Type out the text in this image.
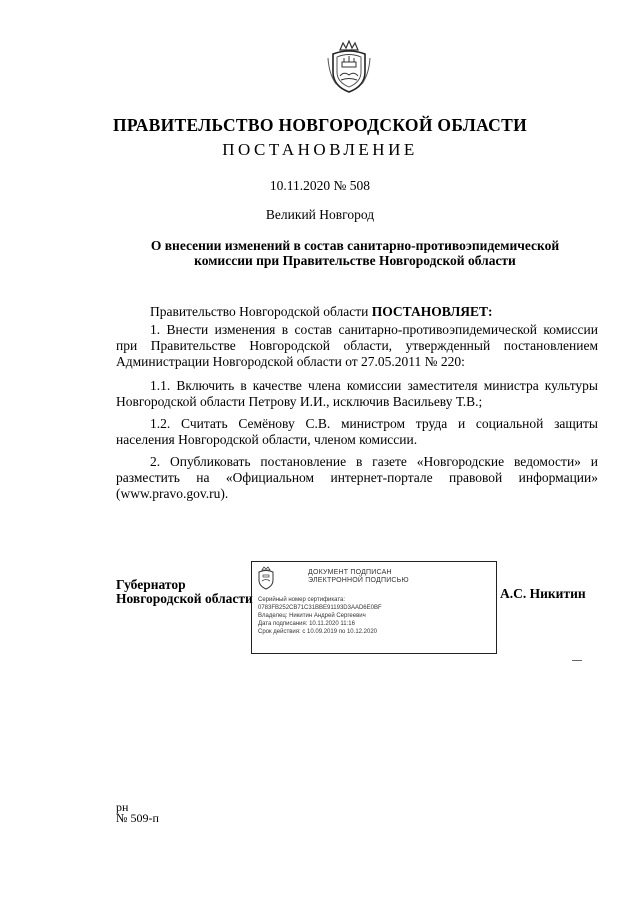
ПРАВИТЕЛЬСТВО НОВГОРОДСКОЙ ОБЛАСТИ
ПОСТАНОВЛЕНИЕ
10.11.2020 № 508
Великий Новгород
О внесении изменений в состав санитарно-противоэпидемической
комиссии при Правительстве Новгородской области
Правительство Новгородской области ПОСТАНОВЛЯЕТ:
1. Внести изменения в состав санитарно-противоэпидемической комиссии при Правительстве Новгородской области, утвержденный постановлением Администрации Новгородской области от 27.05.2011 № 220:
1.1. Включить в качестве члена комиссии заместителя министра культуры Новгородской области Петрову И.И., исключив Васильеву Т.В.;
1.2. Считать Семёнову С.В. министром труда и социальной защиты населения Новгородской области, членом комиссии.
2. Опубликовать постановление в газете «Новгородские ведомости» и разместить на «Официальном интернет-портале правовой информации» (www.pravo.gov.ru).
Губернатор
Новгородской области
ДОКУМЕНТ ПОДПИСАН
ЭЛЕКТРОННОЙ ПОДПИСЬЮ
Серийный номер сертификата:
0783FB252CB71C31BBE91193D3AAD6E0BF
Владелец: Никитин Андрей Сергеевич
Дата подписания: 10.11.2020 11:16
Срок действия: с 10.09.2019 по 10.12.2020
А.С. Никитин
рн
№ 509-п
